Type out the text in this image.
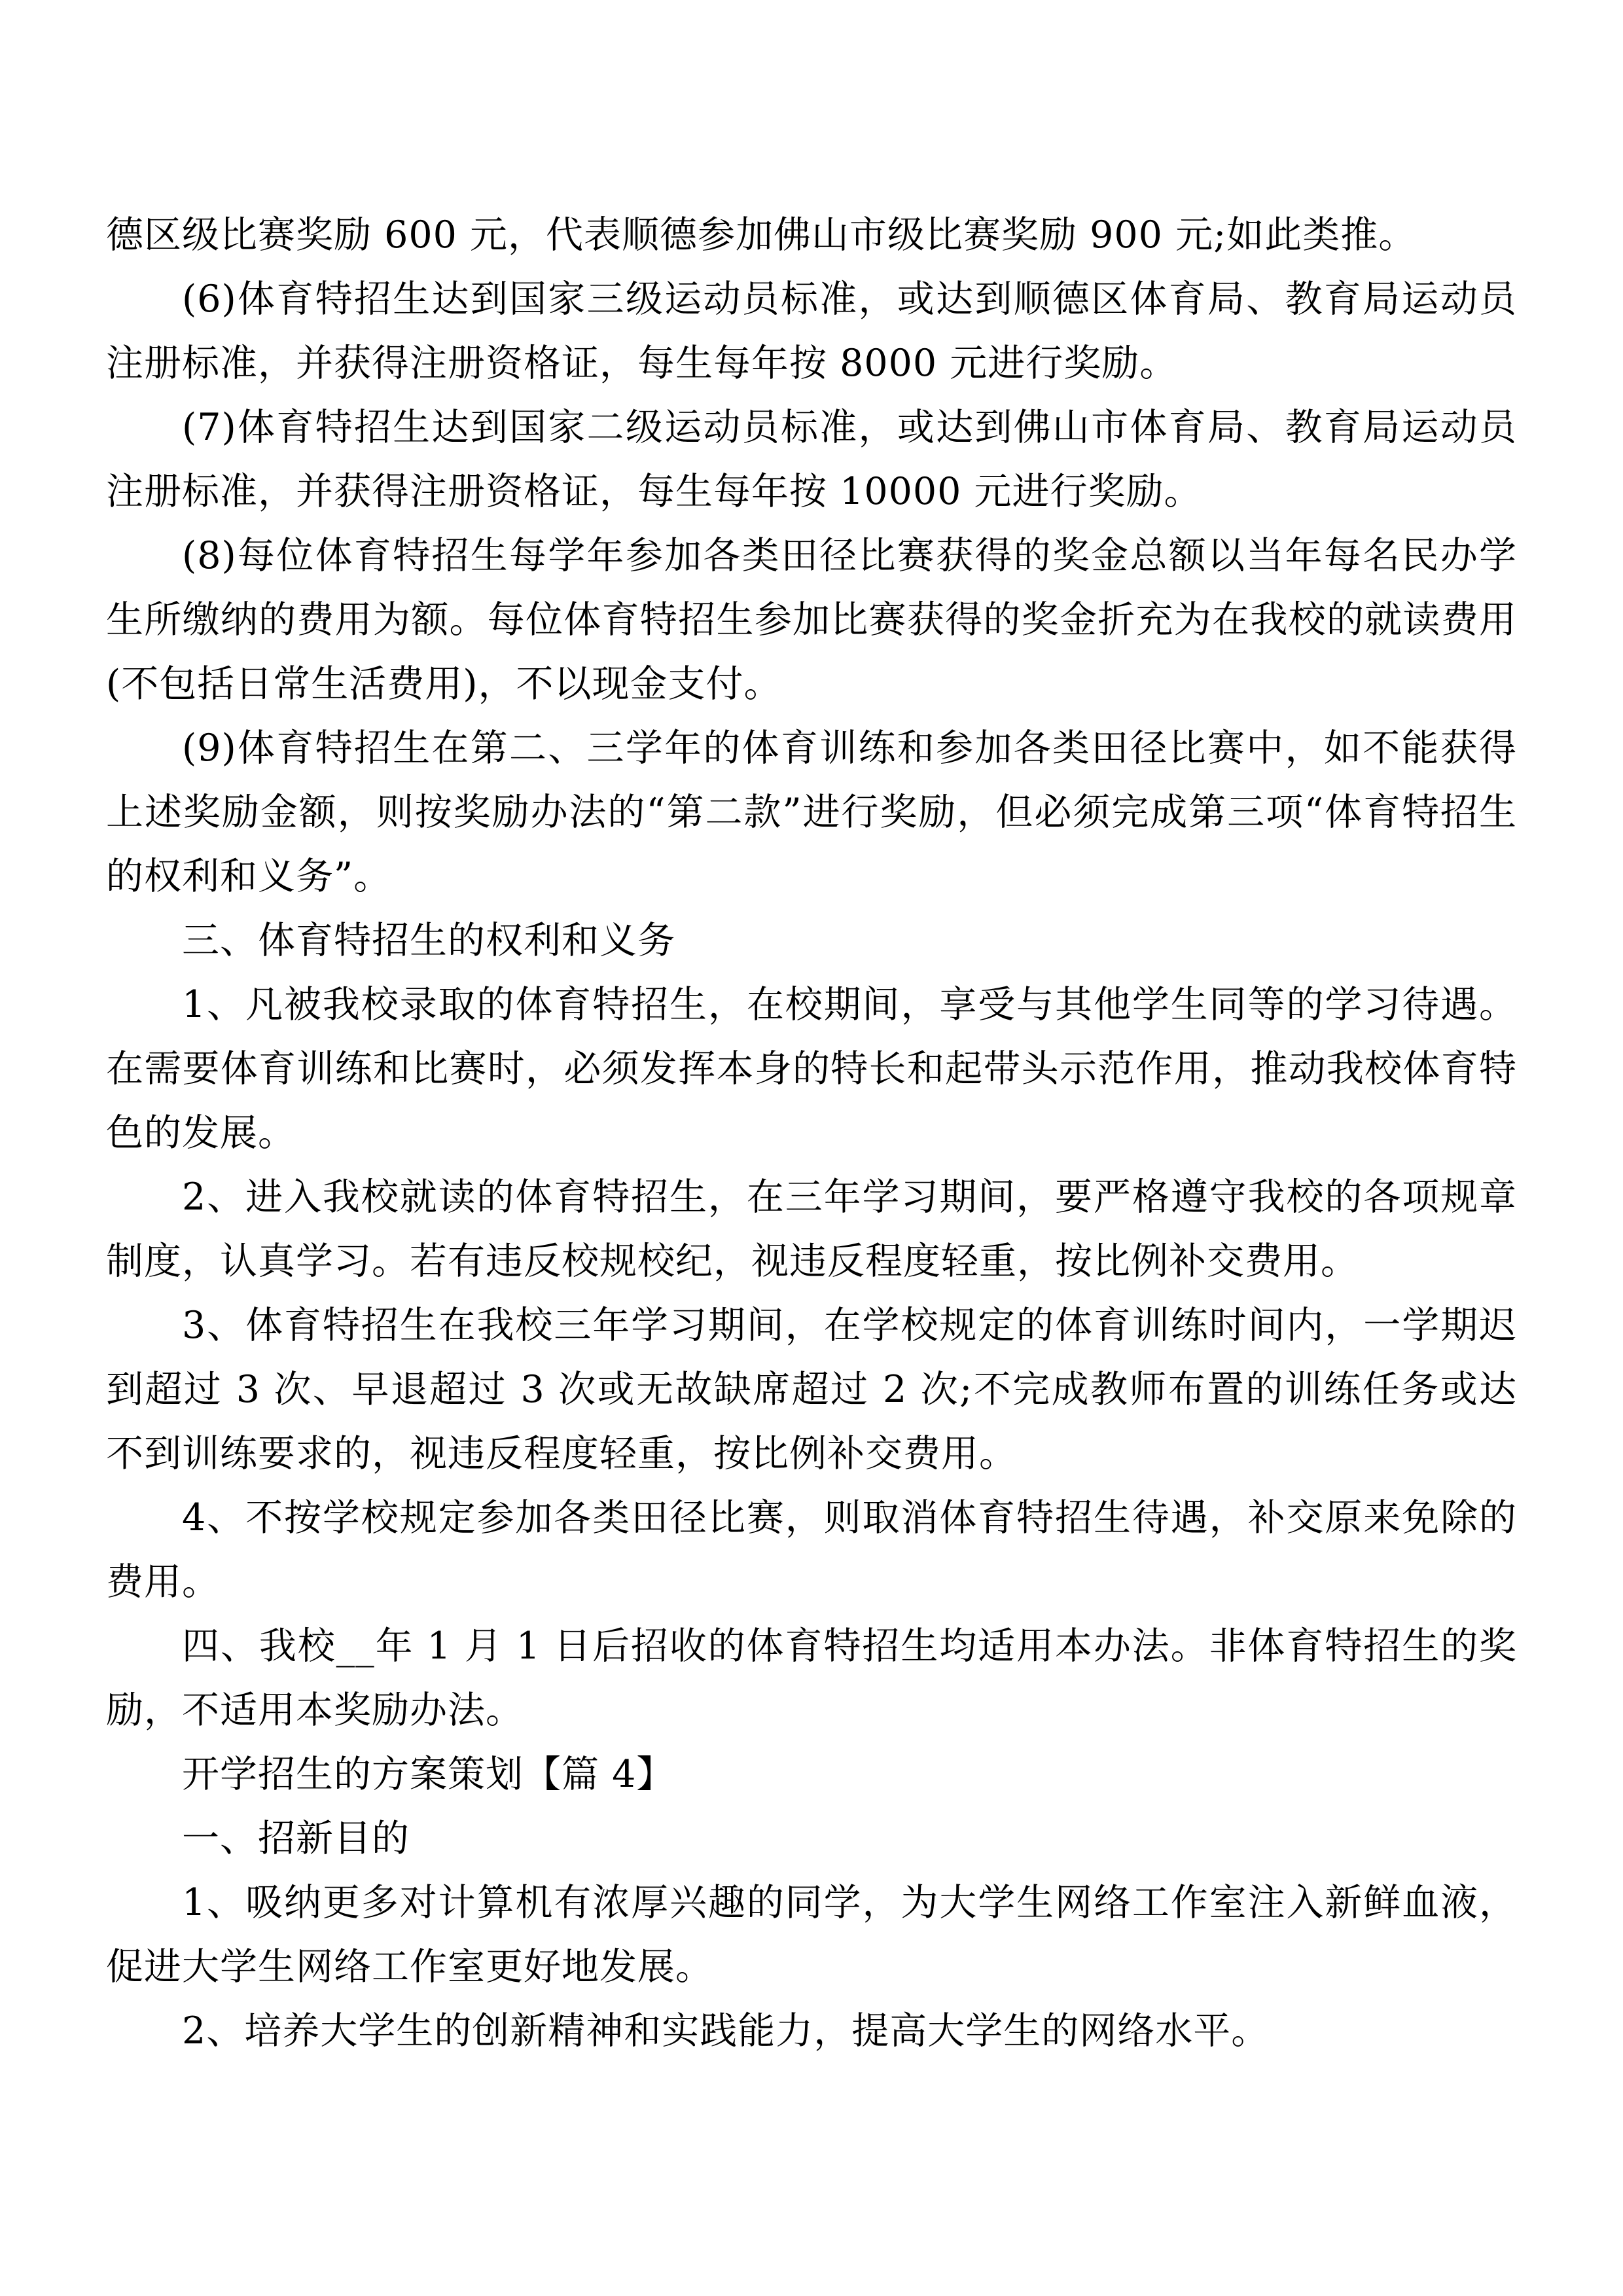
德区级比赛奖励 600 元，代表顺德参加佛山市级比赛奖励 900 元;如此类推。

(6)体育特招生达到国家三级运动员标准，或达到顺德区体育局、教育局运动员注册标准，并获得注册资格证，每生每年按 8000 元进行奖励。

(7)体育特招生达到国家二级运动员标准，或达到佛山市体育局、教育局运动员注册标准，并获得注册资格证，每生每年按 10000 元进行奖励。

(8)每位体育特招生每学年参加各类田径比赛获得的奖金总额以当年每名民办学生所缴纳的费用为额。每位体育特招生参加比赛获得的奖金折充为在我校的就读费用(不包括日常生活费用)，不以现金支付。

(9)体育特招生在第二、三学年的体育训练和参加各类田径比赛中，如不能获得上述奖励金额，则按奖励办法的“第二款”进行奖励，但必须完成第三项“体育特招生的权利和义务”。

三、体育特招生的权利和义务

1、凡被我校录取的体育特招生，在校期间，享受与其他学生同等的学习待遇。在需要体育训练和比赛时，必须发挥本身的特长和起带头示范作用，推动我校体育特色的发展。

2、进入我校就读的体育特招生，在三年学习期间，要严格遵守我校的各项规章制度，认真学习。若有违反校规校纪，视违反程度轻重，按比例补交费用。

3、体育特招生在我校三年学习期间，在学校规定的体育训练时间内，一学期迟到超过 3 次、早退超过 3 次或无故缺席超过 2 次;不完成教师布置的训练任务或达不到训练要求的，视违反程度轻重，按比例补交费用。

4、不按学校规定参加各类田径比赛，则取消体育特招生待遇，补交原来免除的费用。

四、我校__年 1 月 1 日后招收的体育特招生均适用本办法。非体育特招生的奖励，不适用本奖励办法。

开学招生的方案策划【篇 4】

一、招新目的

1、吸纳更多对计算机有浓厚兴趣的同学，为大学生网络工作室注入新鲜血液，促进大学生网络工作室更好地发展。

2、培养大学生的创新精神和实践能力，提高大学生的网络水平。
